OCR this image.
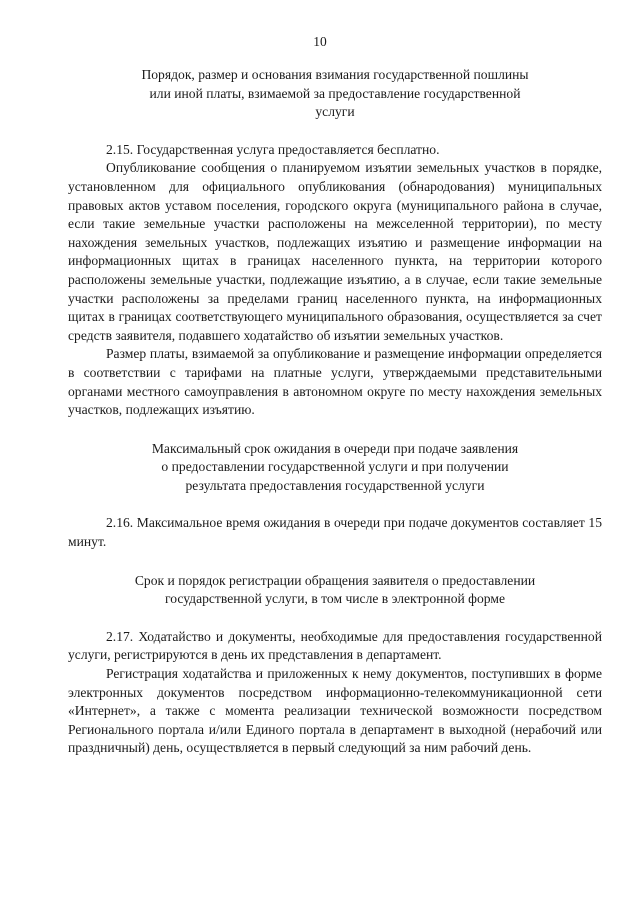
10

Порядок, размер и основания взимания государственной пошлины

или иной платы, взимаемой за предоставление государственной

услуги

2.15. Государственная услуга предоставляется бесплатно.

Опубликование сообщения о планируемом изъятии земельных участков в порядке, установленном для официального опубликования (обнародования) муниципальных правовых актов уставом поселения, городского округа (муниципального района в случае, если такие земельные участки расположены на межселенной территории), по месту нахождения земельных участков, подлежащих изъятию и размещение информации на информационных щитах в границах населенного пункта, на территории которого расположены земельные участки, подлежащие изъятию, а в случае, если такие земельные участки расположены за пределами границ населенного пункта, на информационных щитах в границах соответствующего муниципального образования, осуществляется за счет средств заявителя, подавшего ходатайство об изъятии земельных участков.

Размер платы, взимаемой за опубликование и размещение информации определяется в соответствии с тарифами на платные услуги, утверждаемыми представительными органами местного самоуправления в автономном округе по месту нахождения земельных участков, подлежащих изъятию.

Максимальный срок ожидания в очереди при подаче заявления

о предоставлении государственной услуги и при получении

результата предоставления государственной услуги

2.16. Максимальное время ожидания в очереди при подаче документов составляет 15 минут.

Срок и порядок регистрации обращения заявителя о предоставлении

государственной услуги, в том числе в электронной форме

2.17. Ходатайство и документы, необходимые для предоставления государственной услуги, регистрируются в день их представления в департамент.

Регистрация ходатайства и приложенных к нему документов, поступивших в форме электронных документов посредством информационно-телекоммуникационной сети «Интернет», а также с момента реализации технической возможности посредством Регионального портала и/или Единого портала в департамент в выходной (нерабочий или праздничный) день, осуществляется в первый следующий за ним рабочий день.
